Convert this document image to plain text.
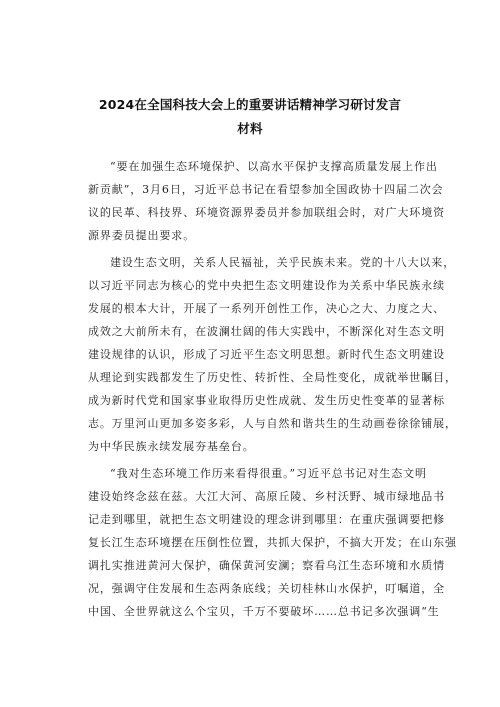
2024在全国科技大会上的重要讲话精神学习研讨发言
材料
“要在加强生态环境保护、以高水平保护支撑高质量发展上作出
新贡献”，3月6日，习近平总书记在看望参加全国政协十四届二次会
议的民革、科技界、环境资源界委员并参加联组会时，对广大环境资
源界委员提出要求。
建设生态文明，关系人民福祉，关乎民族未来。党的十八大以来，
以习近平同志为核心的党中央把生态文明建设作为关系中华民族永续
发展的根本大计，开展了一系列开创性工作，决心之大、力度之大、
成效之大前所未有，在波澜壮阔的伟大实践中，不断深化对生态文明
建设规律的认识，形成了习近平生态文明思想。新时代生态文明建设
从理论到实践都发生了历史性、转折性、全局性变化，成就举世瞩目，
成为新时代党和国家事业取得历史性成就、发生历史性变革的显著标
志。万里河山更加多姿多彩，人与自然和谐共生的生动画卷徐徐铺展，
为中华民族永续发展夯基垒台。
“我对生态环境工作历来看得很重。”习近平总书记对生态文明
建设始终念兹在兹。大江大河、高原丘陵、乡村沃野、城市绿地品书
记走到哪里，就把生态文明建设的理念讲到哪里：在重庆强调要把修
复长江生态环境摆在压倒性位置，共抓大保护，不搞大开发；在山东强
调扎实推进黄河大保护，确保黄河安澜；察看乌江生态环境和水质情
况，强调守住发展和生态两条底线；关切桂林山水保护，叮嘱道，全
中国、全世界就这么个宝贝，千万不要破坏……总书记多次强调“生
